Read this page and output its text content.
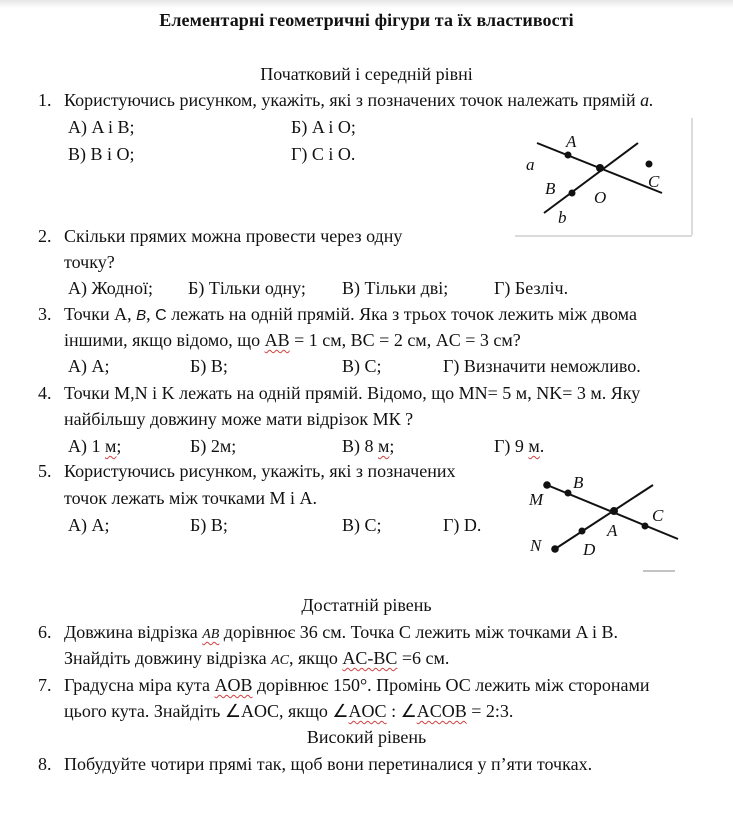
Елементарні геометричні фігури та їх властивості
Початковий і середній рівні
1. Користуючись рисунком, укажіть, які з позначених точок належать прямій a.
А) A і B;	Б) A і O;
В) B і O;	Г) C і O.
a
A
B O
C
b
2. Скільки прямих можна провести через одну
точку?
А) Жодної; Б) Тільки одну; В) Тільки дві;	Г) Безліч.
3. Точки А, B, C лежать на одній прямій. Яка з трьох точок лежить між двома
іншими, якщо відомо, що AB = 1 см, BC = 2 см, AC = 3 см?
А) А;	Б) В;	В) С;	Г) Визначити неможливо.
4. Точки M,N і K лежать на одній прямій. Відомо, що MN= 5 м, NK= 3 м. Яку
найбільшу довжину може мати відрізок МК ?
А) 1 м;	Б) 2м;	В) 8 м;	Г) 9 м.
5. Користуючись рисунком, укажіть, які з позначених
точок лежать між точками M і A.
А) A;	Б) B;	В) C;	Г) D.
M
B
A
C
N D
Достатній рівень
6. Довжина відрізка AB дорівнює 36 см. Точка С лежить між точками A і B.
Знайдіть довжину відрізка AC, якщо AC-BC =6 см.
7. Градусна міра кута AOB дорівнює 150°. Промінь ОС лежить між сторонами
цього кута. Знайдіть ∠AOC, якщо ∠AOC : ∠ACOB = 2:3.
Високий рівень
8. Побудуйте чотири прямі так, щоб вони перетиналися у п’яти точках.
